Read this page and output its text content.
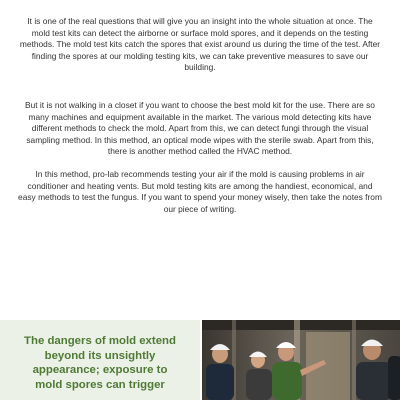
It is one of the real questions that will give you an insight into the whole situation at once. The mold test kits can detect the airborne or surface mold spores, and it depends on the testing methods. The mold test kits catch the spores that exist around us during the time of the test. After finding the spores at our molding testing kits, we can take preventive measures to save our building.

But it is not walking in a closet if you want to choose the best mold kit for the use. There are so many machines and equipment available in the market. The various mold detecting kits have different methods to check the mold. Apart from this, we can detect fungi through the visual sampling method. In this method, an optical mode wipes with the sterile swab. Apart from this, there is another method called the HVAC method.

In this method, pro-lab recommends testing your air if the mold is causing problems in air conditioner and heating vents. But mold testing kits are among the handiest, economical, and easy methods to test the fungus. If you want to spend your money wisely, then take the notes from our piece of writing.

The dangers of mold extend beyond its unsightly appearance; exposure to mold spores can trigger
